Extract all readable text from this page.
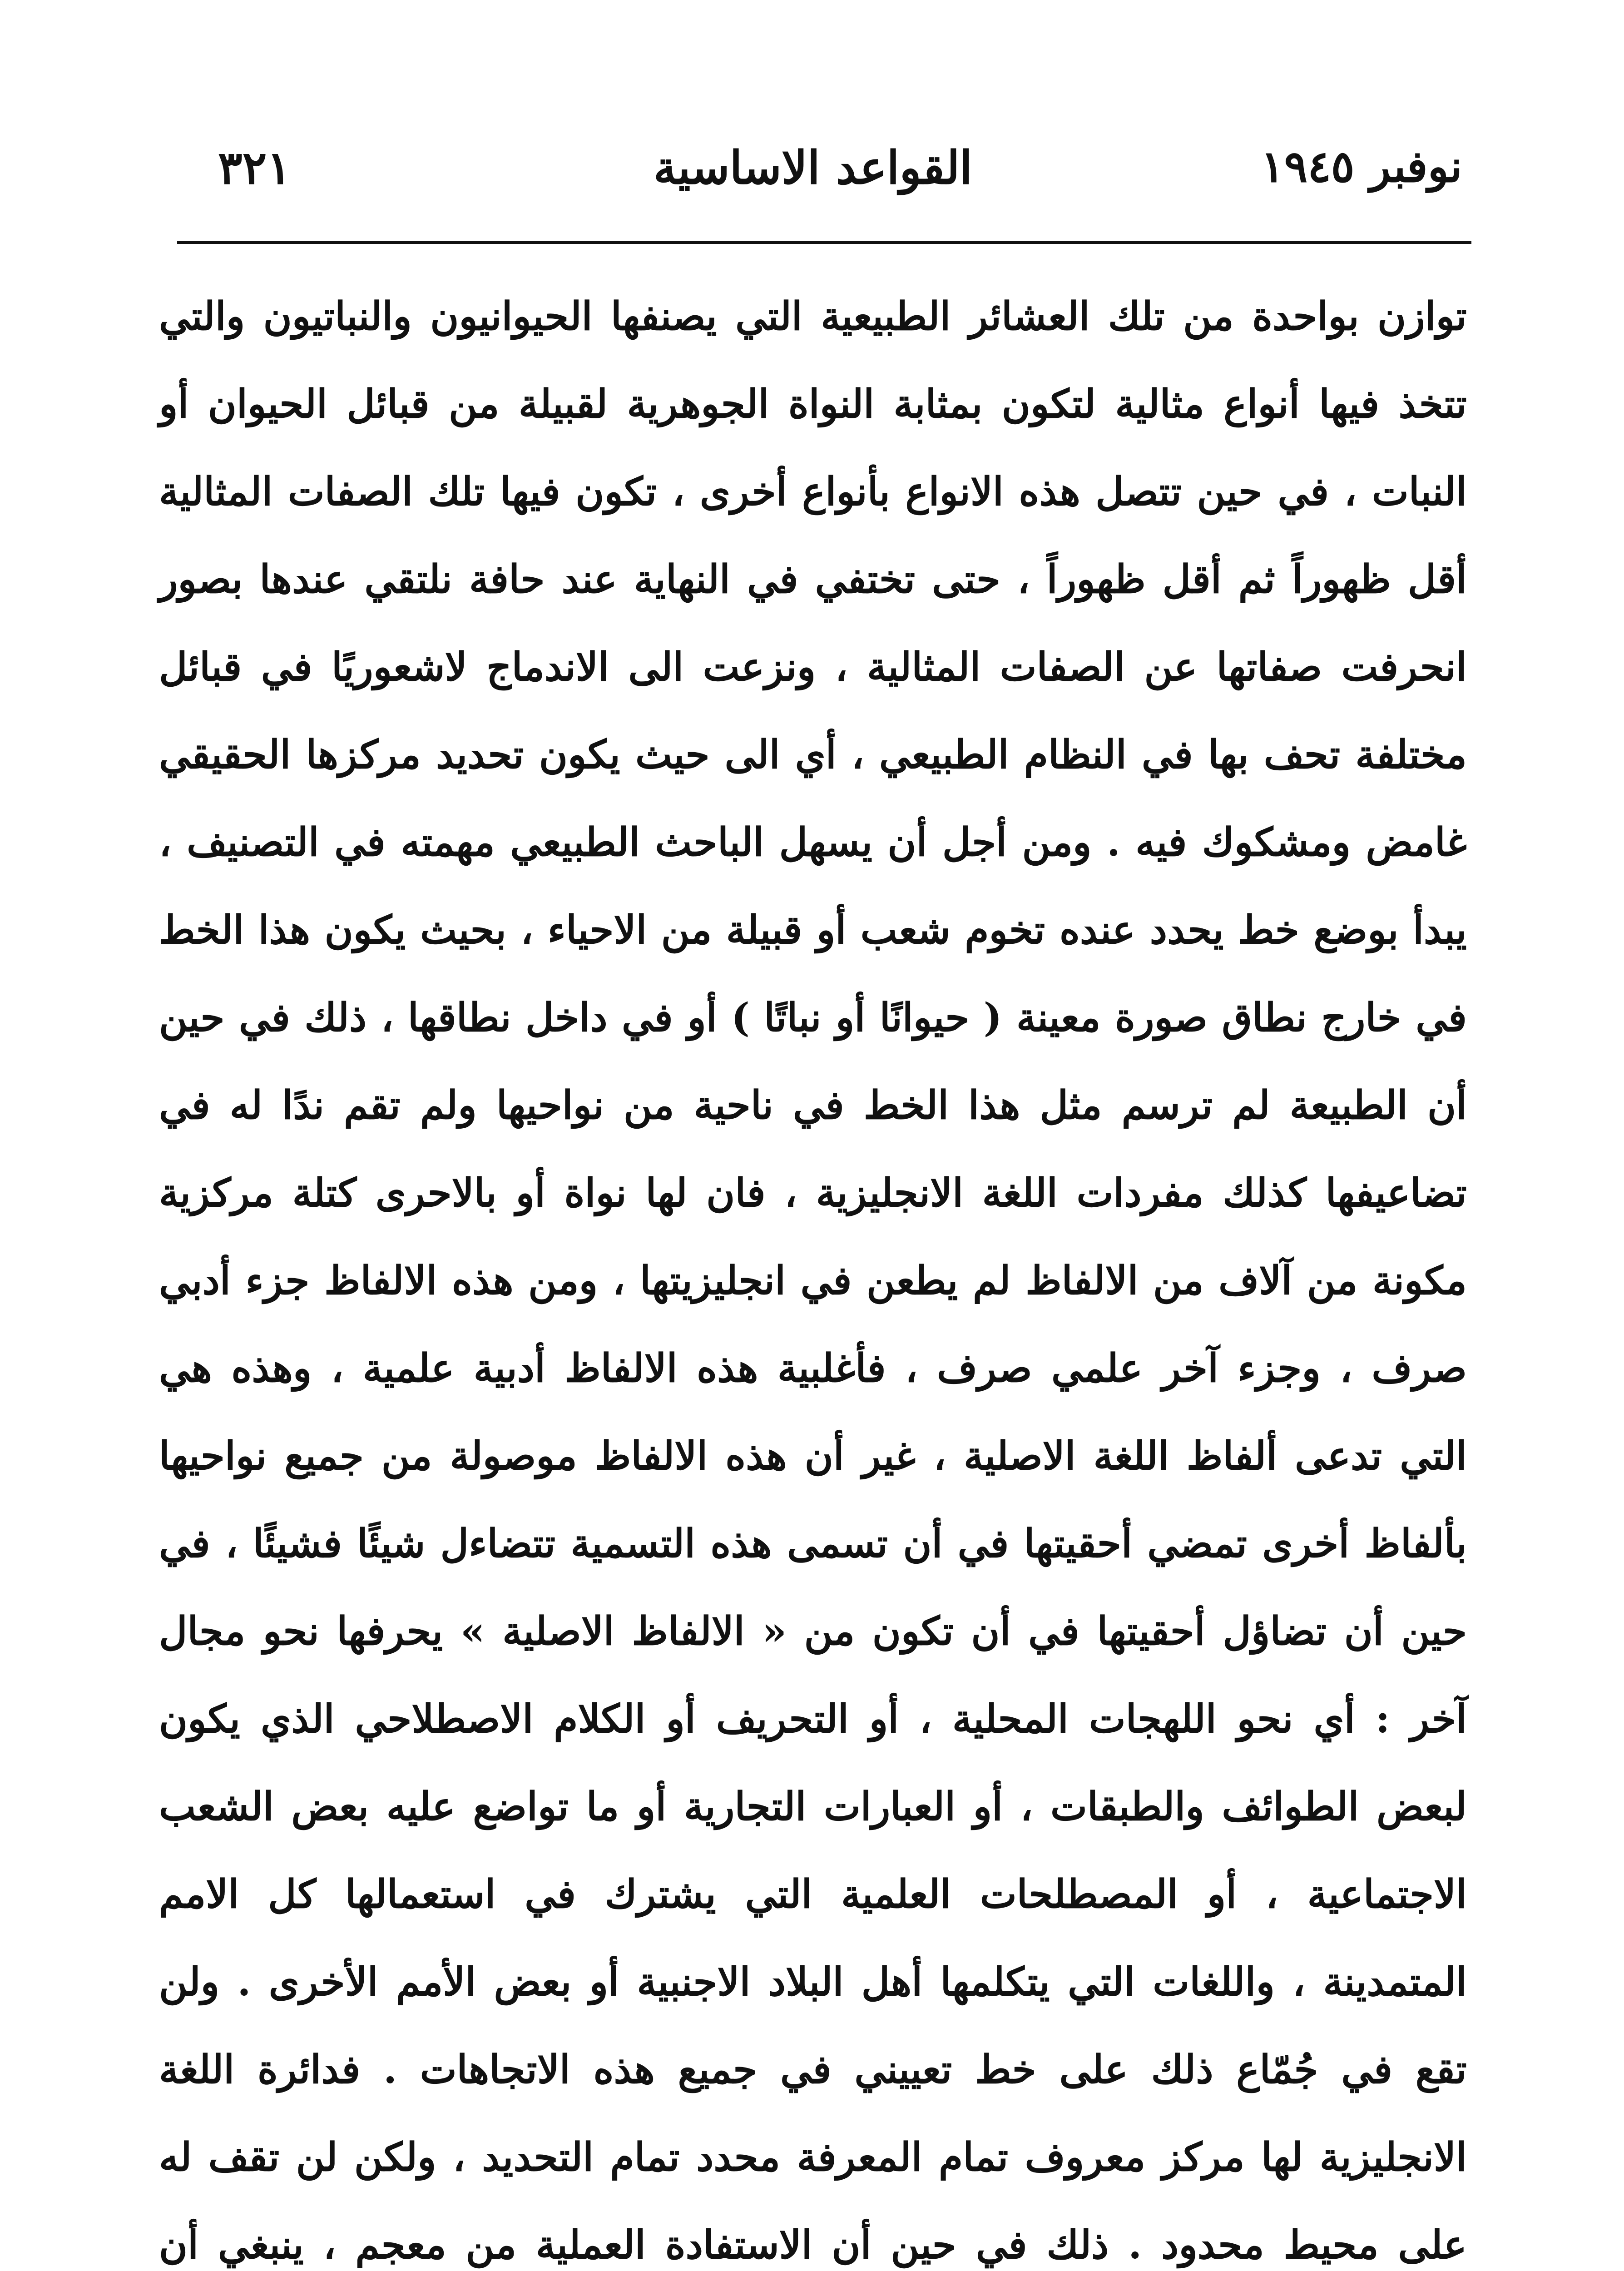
نوفبر ١٩٤٥
القواعد الاساسية
٣٢١

توازن بواحدة من تلك العشائر الطبيعية التي يصنفها الحيوانيون والنباتيون والتي تتخذ فيها أنواع مثالية لتكون بمثابة النواة الجوهرية لقبيلة من قبائل الحيوان أو النبات ، في حين تتصل هذه الانواع بأنواع أخرى ، تكون فيها تلك الصفات المثالية أقل ظهوراً ثم أقل ظهوراً ، حتى تختفي في النهاية عند حافة نلتقي عندها بصور انحرفت صفاتها عن الصفات المثالية ، ونزعت الى الاندماج لاشعوريًا في قبائل مختلفة تحف بها في النظام الطبيعي ، أي الى حيث يكون تحديد مركزها الحقيقي غامض ومشكوك فيه . ومن أجل أن يسهل الباحث الطبيعي مهمته في التصنيف ، يبدأ بوضع خط يحدد عنده تخوم شعب أو قبيلة من الاحياء ، بحيث يكون هذا الخط في خارج نطاق صورة معينة ( حيوانًا أو نباتًا ) أو في داخل نطاقها ، ذلك في حين أن الطبيعة لم ترسم مثل هذا الخط في ناحية من نواحيها ولم تقم ندًا له في تضاعيفها كذلك مفردات اللغة الانجليزية ، فان لها نواة أو بالاحرى كتلة مركزية مكونة من آلاف من الالفاظ لم يطعن في انجليزيتها ، ومن هذه الالفاظ جزء أدبي صرف ، وجزء آخر علمي صرف ، فأغلبية هذه الالفاظ أدبية علمية ، وهذه هي التي تدعى ألفاظ اللغة الاصلية ، غير أن هذه الالفاظ موصولة من جميع نواحيها بألفاظ أخرى تمضي أحقيتها في أن تسمى هذه التسمية تتضاءل شيئًا فشيئًا ، في حين أن تضاؤل أحقيتها في أن تكون من « الالفاظ الاصلية » يحرفها نحو مجال آخر : أي نحو اللهجات المحلية ، أو التحريف أو الكلام الاصطلاحي الذي يكون لبعض الطوائف والطبقات ، أو العبارات التجارية أو ما تواضع عليه بعض الشعب الاجتماعية ، أو المصطلحات العلمية التي يشترك في استعمالها كل الامم المتمدينة ، واللغات التي يتكلمها أهل البلاد الاجنبية أو بعض الأمم الأخرى . ولن تقع في جُمّاع ذلك على خط تعييني في جميع هذه الاتجاهات . فدائرة اللغة الانجليزية لها مركز معروف تمام المعرفة محدد تمام التحديد ، ولكن لن تقف له على محيط محدود . ذلك في حين أن الاستفادة العملية من معجم ، ينبغي أن
